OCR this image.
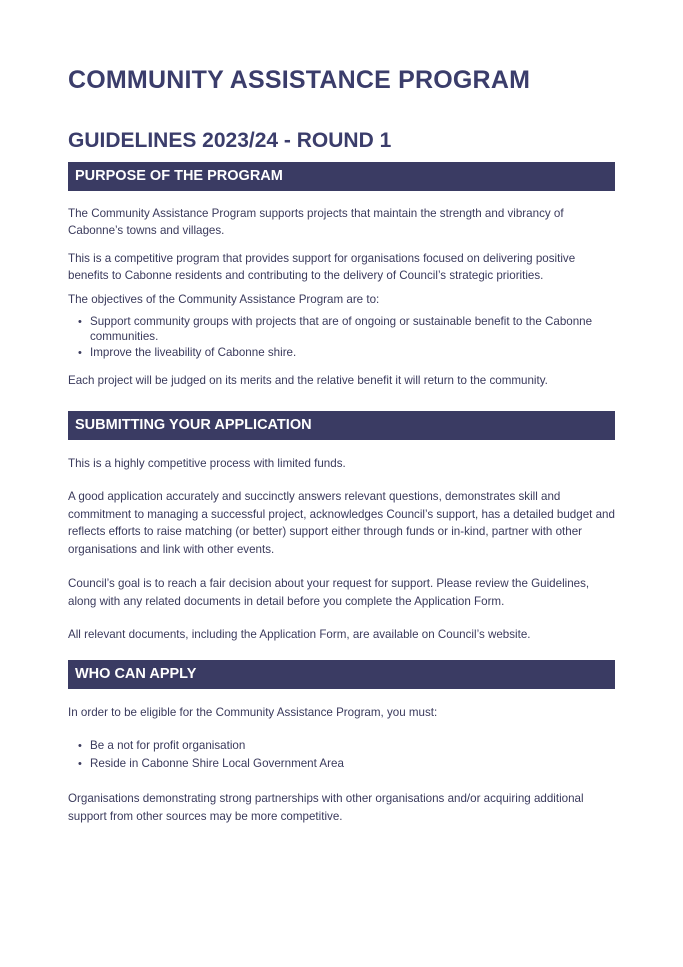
COMMUNITY ASSISTANCE PROGRAM
GUIDELINES 2023/24 - ROUND 1
PURPOSE OF THE PROGRAM

The Community Assistance Program supports projects that maintain the strength and vibrancy of Cabonne’s towns and villages.

This is a competitive program that provides support for organisations focused on delivering positive benefits to Cabonne residents and contributing to the delivery of Council’s strategic priorities.

The objectives of the Community Assistance Program are to:

• Support community groups with projects that are of ongoing or sustainable benefit to the Cabonne communities.
• Improve the liveability of Cabonne shire.

Each project will be judged on its merits and the relative benefit it will return to the community.

SUBMITTING YOUR APPLICATION

This is a highly competitive process with limited funds.

A good application accurately and succinctly answers relevant questions, demonstrates skill and commitment to managing a successful project, acknowledges Council’s support, has a detailed budget and reflects efforts to raise matching (or better) support either through funds or in-kind, partner with other organisations and link with other events.

Council’s goal is to reach a fair decision about your request for support. Please review the Guidelines, along with any related documents in detail before you complete the Application Form.

All relevant documents, including the Application Form, are available on Council’s website.

WHO CAN APPLY

In order to be eligible for the Community Assistance Program, you must:

• Be a not for profit organisation
• Reside in Cabonne Shire Local Government Area

Organisations demonstrating strong partnerships with other organisations and/or acquiring additional support from other sources may be more competitive.
